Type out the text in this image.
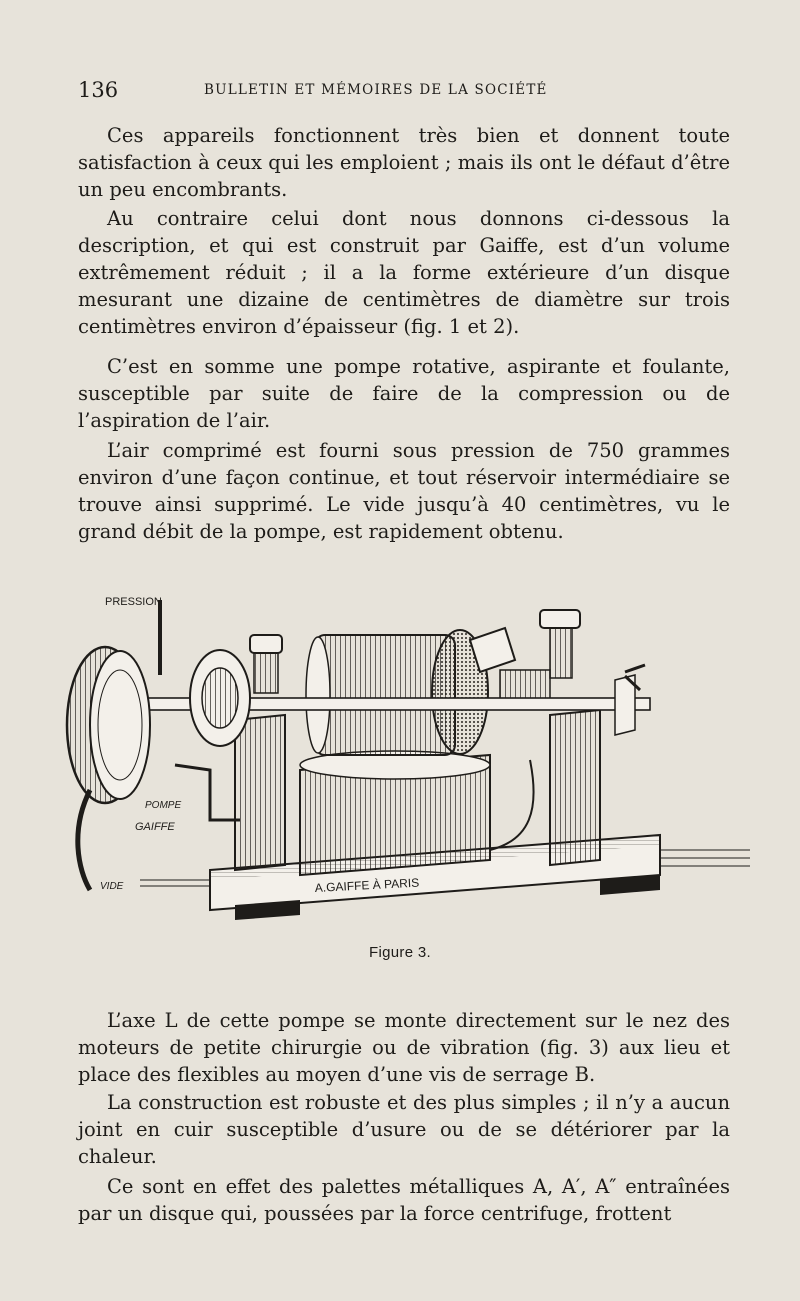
136	BULLETIN ET MÉMOIRES DE LA SOCIÉTÉ

Ces appareils fonctionnent très bien et donnent toute satisfaction à ceux qui les emploient ; mais ils ont le défaut d’être un peu encombrants.

Au contraire celui dont nous donnons ci-dessous la description, et qui est construit par Gaiffe, est d’un volume extrêmement réduit ; il a la forme extérieure d’un disque mesurant une dizaine de centimètres de diamètre sur trois centimètres environ d’épaisseur (fig. 1 et 2).

C’est en somme une pompe rotative, aspirante et foulante, susceptible par suite de faire de la compression ou de l’aspiration de l’air.

L’air comprimé est fourni sous pression de 750 grammes environ d’une façon continue, et tout réservoir intermédiaire se trouve ainsi supprimé. Le vide jusqu’à 40 centimètres, vu le grand débit de la pompe, est rapidement obtenu.

A.GAIFFE À PARIS
PRESSION
POMPE
GAIFFE
VIDE
Figure 3.

L’axe L de cette pompe se monte directement sur le nez des moteurs de petite chirurgie ou de vibration (fig. 3) aux lieu et place des flexibles au moyen d’une vis de serrage B.

La construction est robuste et des plus simples ; il n’y a aucun joint en cuir susceptible d’usure ou de se détériorer par la chaleur.

Ce sont en effet des palettes métalliques A, A′, A″ entraînées par un disque qui, poussées par la force centrifuge, frottent
